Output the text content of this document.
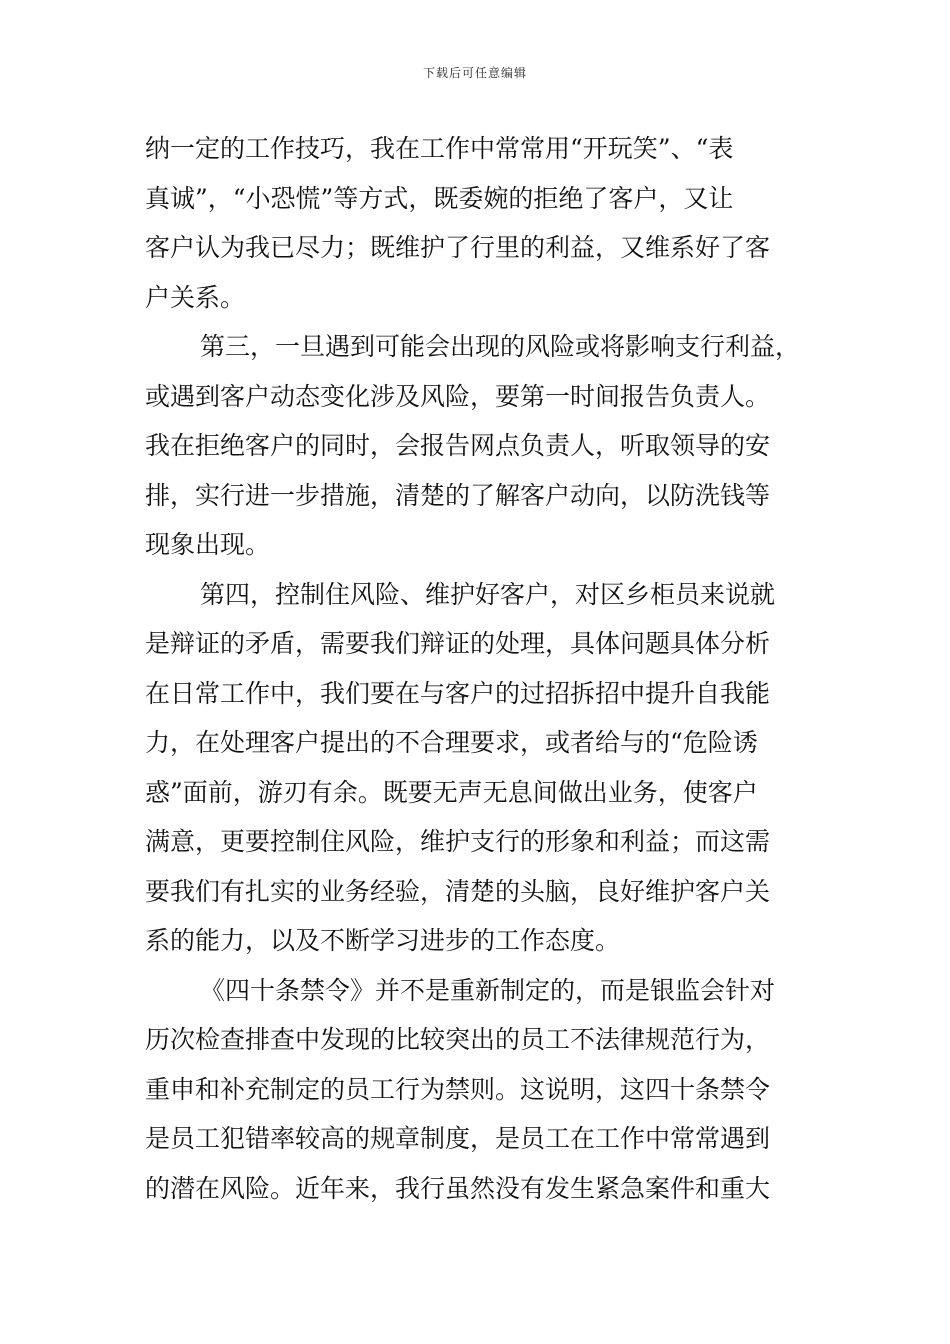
下载后可任意编辑
纳一定的工作技巧，我在工作中常常用“开玩笑”、“表
真诚”，“小恐慌”等方式，既委婉的拒绝了客户，又让
客户认为我已尽力；既维护了行里的利益，又维系好了客
户关系。
第三，一旦遇到可能会出现的风险或将影响支行利益，
或遇到客户动态变化涉及风险，要第一时间报告负责人。
我在拒绝客户的同时，会报告网点负责人，听取领导的安
排，实行进一步措施，清楚的了解客户动向，以防洗钱等
现象出现。
第四，控制住风险、维护好客户，对区乡柜员来说就
是辩证的矛盾，需要我们辩证的处理，具体问题具体分析
在日常工作中，我们要在与客户的过招拆招中提升自我能
力，在处理客户提出的不合理要求，或者给与的“危险诱
惑”面前，游刃有余。既要无声无息间做出业务，使客户
满意，更要控制住风险，维护支行的形象和利益；而这需
要我们有扎实的业务经验，清楚的头脑，良好维护客户关
系的能力，以及不断学习进步的工作态度。
《四十条禁令》并不是重新制定的，而是银监会针对
历次检查排查中发现的比较突出的员工不法律规范行为，
重申和补充制定的员工行为禁则。这说明，这四十条禁令
是员工犯错率较高的规章制度，是员工在工作中常常遇到
的潜在风险。近年来，我行虽然没有发生紧急案件和重大
